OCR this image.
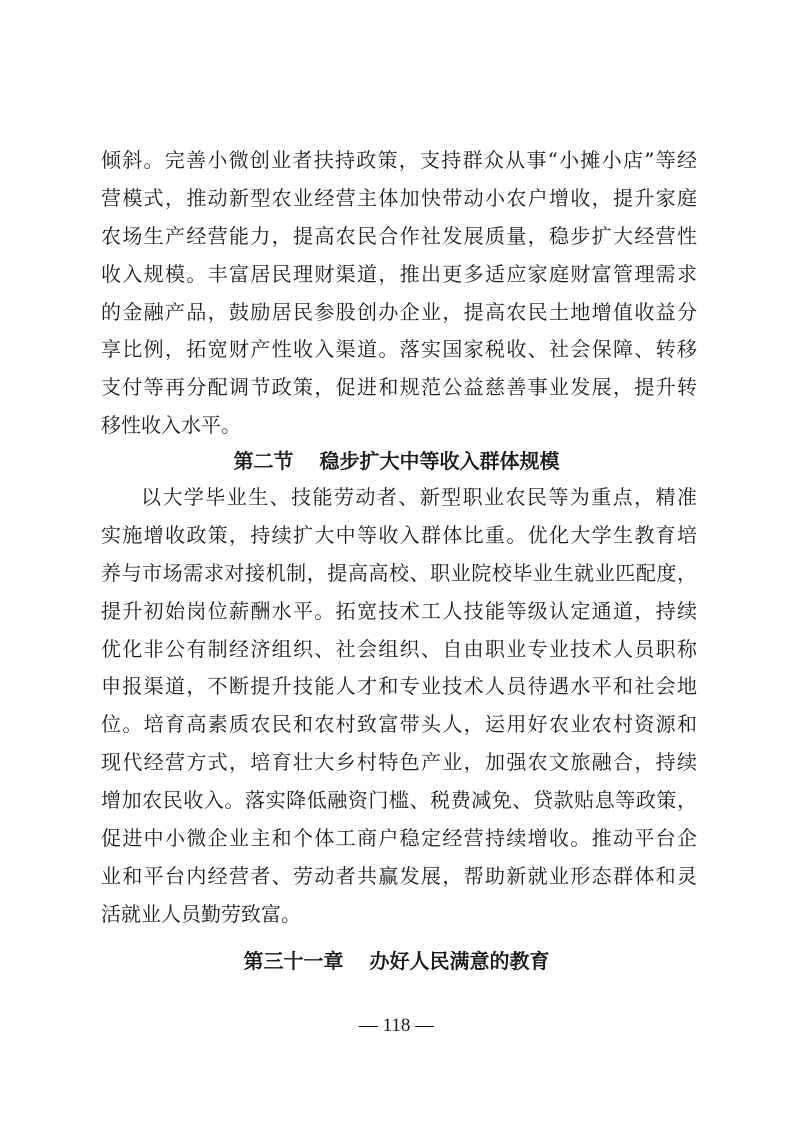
倾斜。完善小微创业者扶持政策，支持群众从事“小摊小店”等经
营模式，推动新型农业经营主体加快带动小农户增收，提升家庭
农场生产经营能力，提高农民合作社发展质量，稳步扩大经营性
收入规模。丰富居民理财渠道，推出更多适应家庭财富管理需求
的金融产品，鼓励居民参股创办企业，提高农民土地增值收益分
享比例，拓宽财产性收入渠道。落实国家税收、社会保障、转移
支付等再分配调节政策，促进和规范公益慈善事业发展，提升转
移性收入水平。
第二节 稳步扩大中等收入群体规模
以大学毕业生、技能劳动者、新型职业农民等为重点，精准
实施增收政策，持续扩大中等收入群体比重。优化大学生教育培
养与市场需求对接机制，提高高校、职业院校毕业生就业匹配度，
提升初始岗位薪酬水平。拓宽技术工人技能等级认定通道，持续
优化非公有制经济组织、社会组织、自由职业专业技术人员职称
申报渠道，不断提升技能人才和专业技术人员待遇水平和社会地
位。培育高素质农民和农村致富带头人，运用好农业农村资源和
现代经营方式，培育壮大乡村特色产业，加强农文旅融合，持续
增加农民收入。落实降低融资门槛、税费减免、贷款贴息等政策，
促进中小微企业主和个体工商户稳定经营持续增收。推动平台企
业和平台内经营者、劳动者共赢发展，帮助新就业形态群体和灵
活就业人员勤劳致富。
第三十一章 办好人民满意的教育
— 118 —
